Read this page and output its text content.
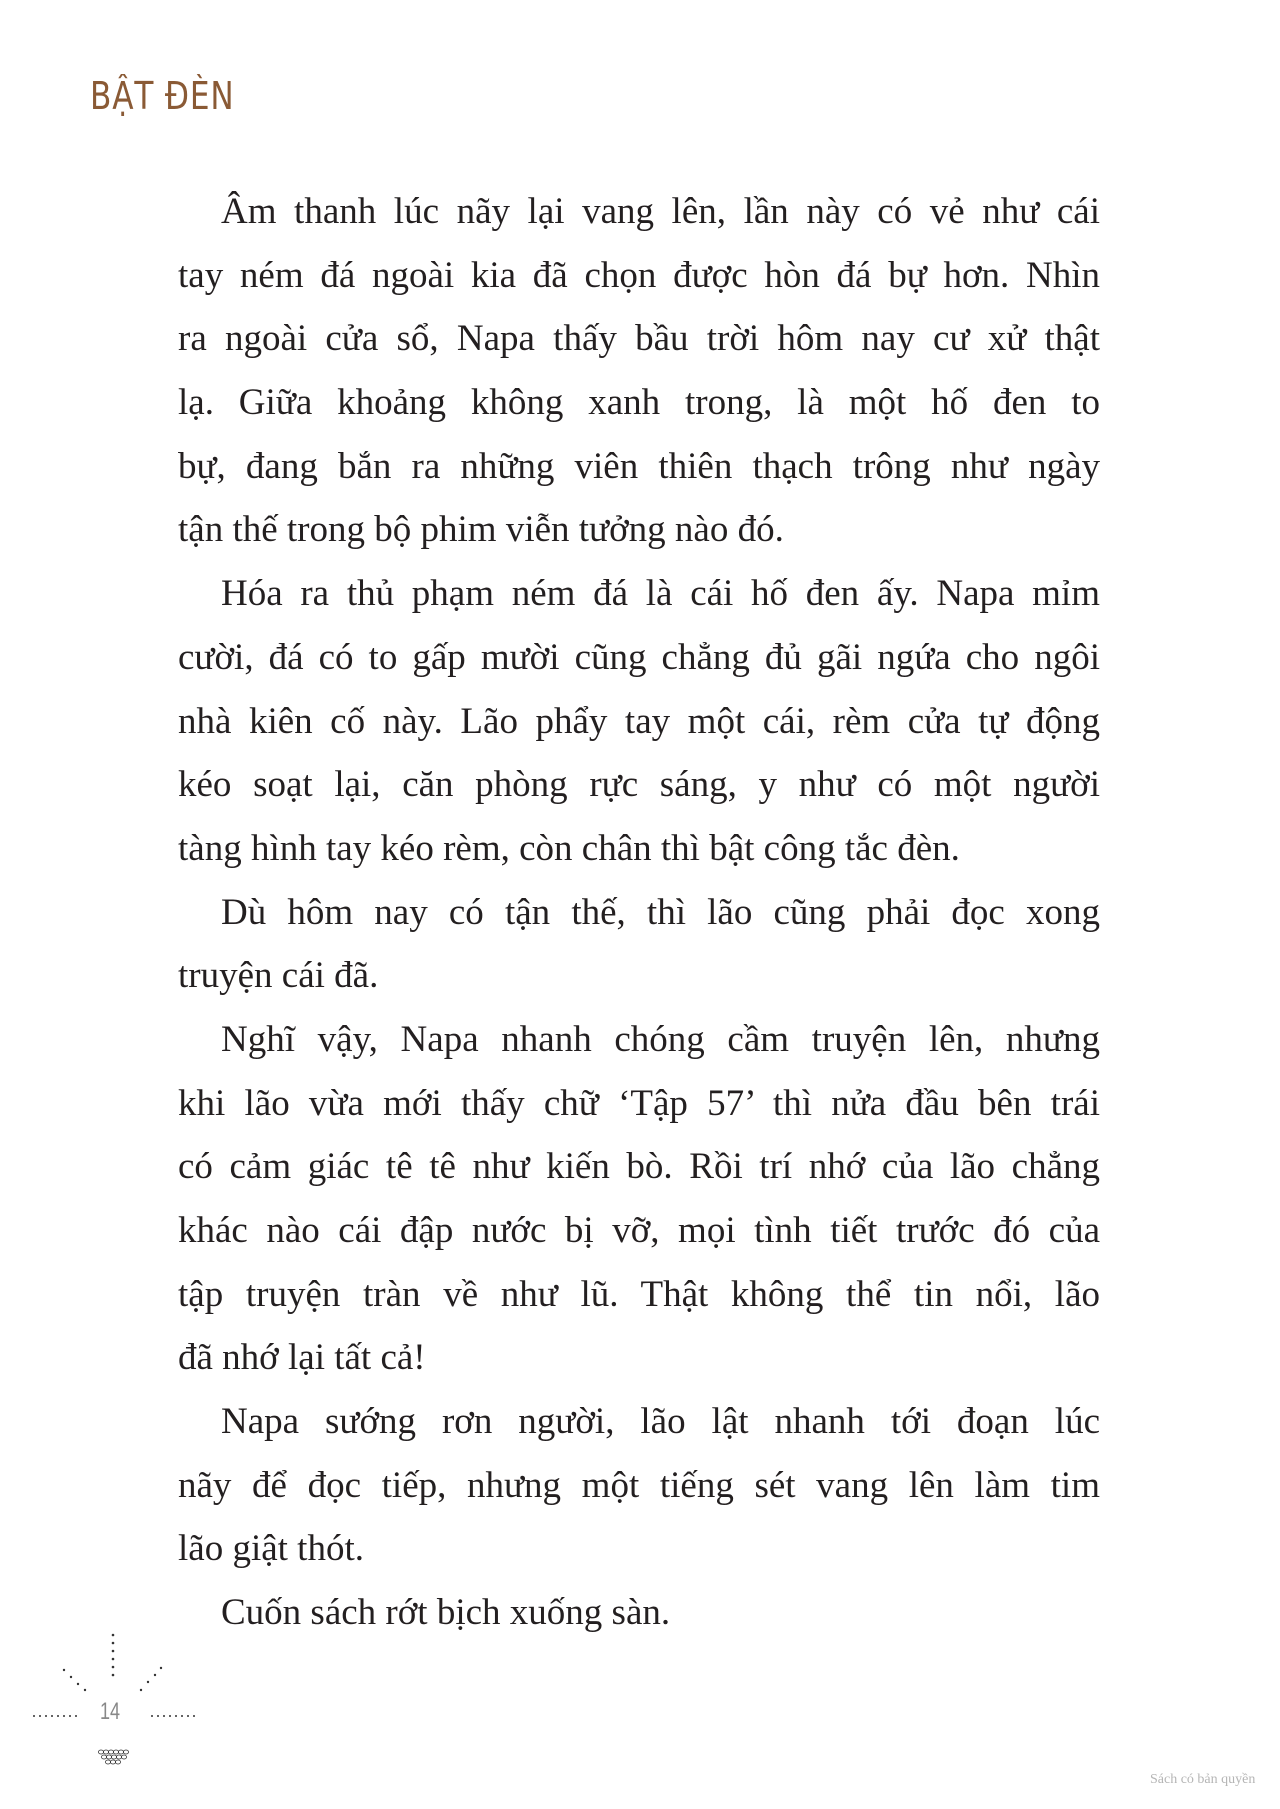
BẬT ĐÈN
Âm thanh lúc nãy lại vang lên, lần này có vẻ như cái
tay ném đá ngoài kia đã chọn được hòn đá bự hơn. Nhìn
ra ngoài cửa sổ, Napa thấy bầu trời hôm nay cư xử thật
lạ. Giữa khoảng không xanh trong, là một hố đen to
bự, đang bắn ra những viên thiên thạch trông như ngày
tận thế trong bộ phim viễn tưởng nào đó.
Hóa ra thủ phạm ném đá là cái hố đen ấy. Napa mỉm
cười, đá có to gấp mười cũng chẳng đủ gãi ngứa cho ngôi
nhà kiên cố này. Lão phẩy tay một cái, rèm cửa tự động
kéo soạt lại, căn phòng rực sáng, y như có một người
tàng hình tay kéo rèm, còn chân thì bật công tắc đèn.
Dù hôm nay có tận thế, thì lão cũng phải đọc xong
truyện cái đã.
Nghĩ vậy, Napa nhanh chóng cầm truyện lên, nhưng
khi lão vừa mới thấy chữ ‘Tập 57’ thì nửa đầu bên trái
có cảm giác tê tê như kiến bò. Rồi trí nhớ của lão chẳng
khác nào cái đập nước bị vỡ, mọi tình tiết trước đó của
tập truyện tràn về như lũ. Thật không thể tin nổi, lão
đã nhớ lại tất cả!
Napa sướng rơn người, lão lật nhanh tới đoạn lúc
nãy để đọc tiếp, nhưng một tiếng sét vang lên làm tim
lão giật thót.
Cuốn sách rớt bịch xuống sàn.
14
Sách có bản quyền
